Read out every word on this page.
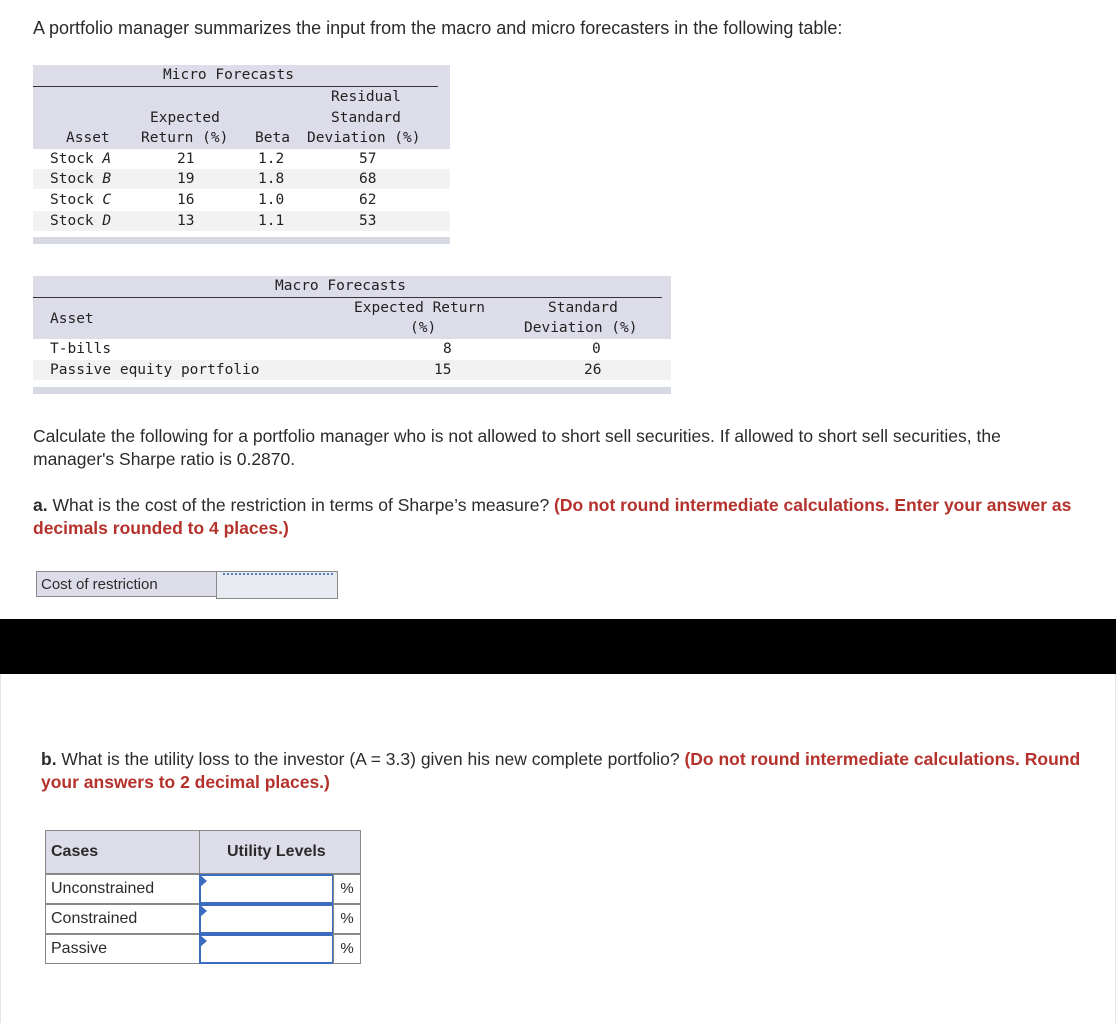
A portfolio manager summarizes the input from the macro and micro forecasters in the following table:
Micro Forecasts
Residual
Expected	Standard
Asset Return (%) Beta Deviation (%)
Stock A	21	1.2	57
Stock B	19	1.8	68
Stock C	16	1.0	62
Stock D	13	1.1	53
Macro Forecasts
Expected Return	Standard
Asset
(%)	Deviation (%)
T-bills	8	0
Passive equity portfolio	15	26
Calculate the following for a portfolio manager who is not allowed to short sell securities. If allowed to short sell securities, the manager's Sharpe ratio is 0.2870.
a. What is the cost of the restriction in terms of Sharpe’s measure? (Do not round intermediate calculations. Enter your answer as decimals rounded to 4 places.)
Cost of restriction
b. What is the utility loss to the investor (A = 3.3) given his new complete portfolio? (Do not round intermediate calculations. Round your answers to 2 decimal places.)
Cases	Utility Levels
Unconstrained	%
Constrained	%
Passive	%
